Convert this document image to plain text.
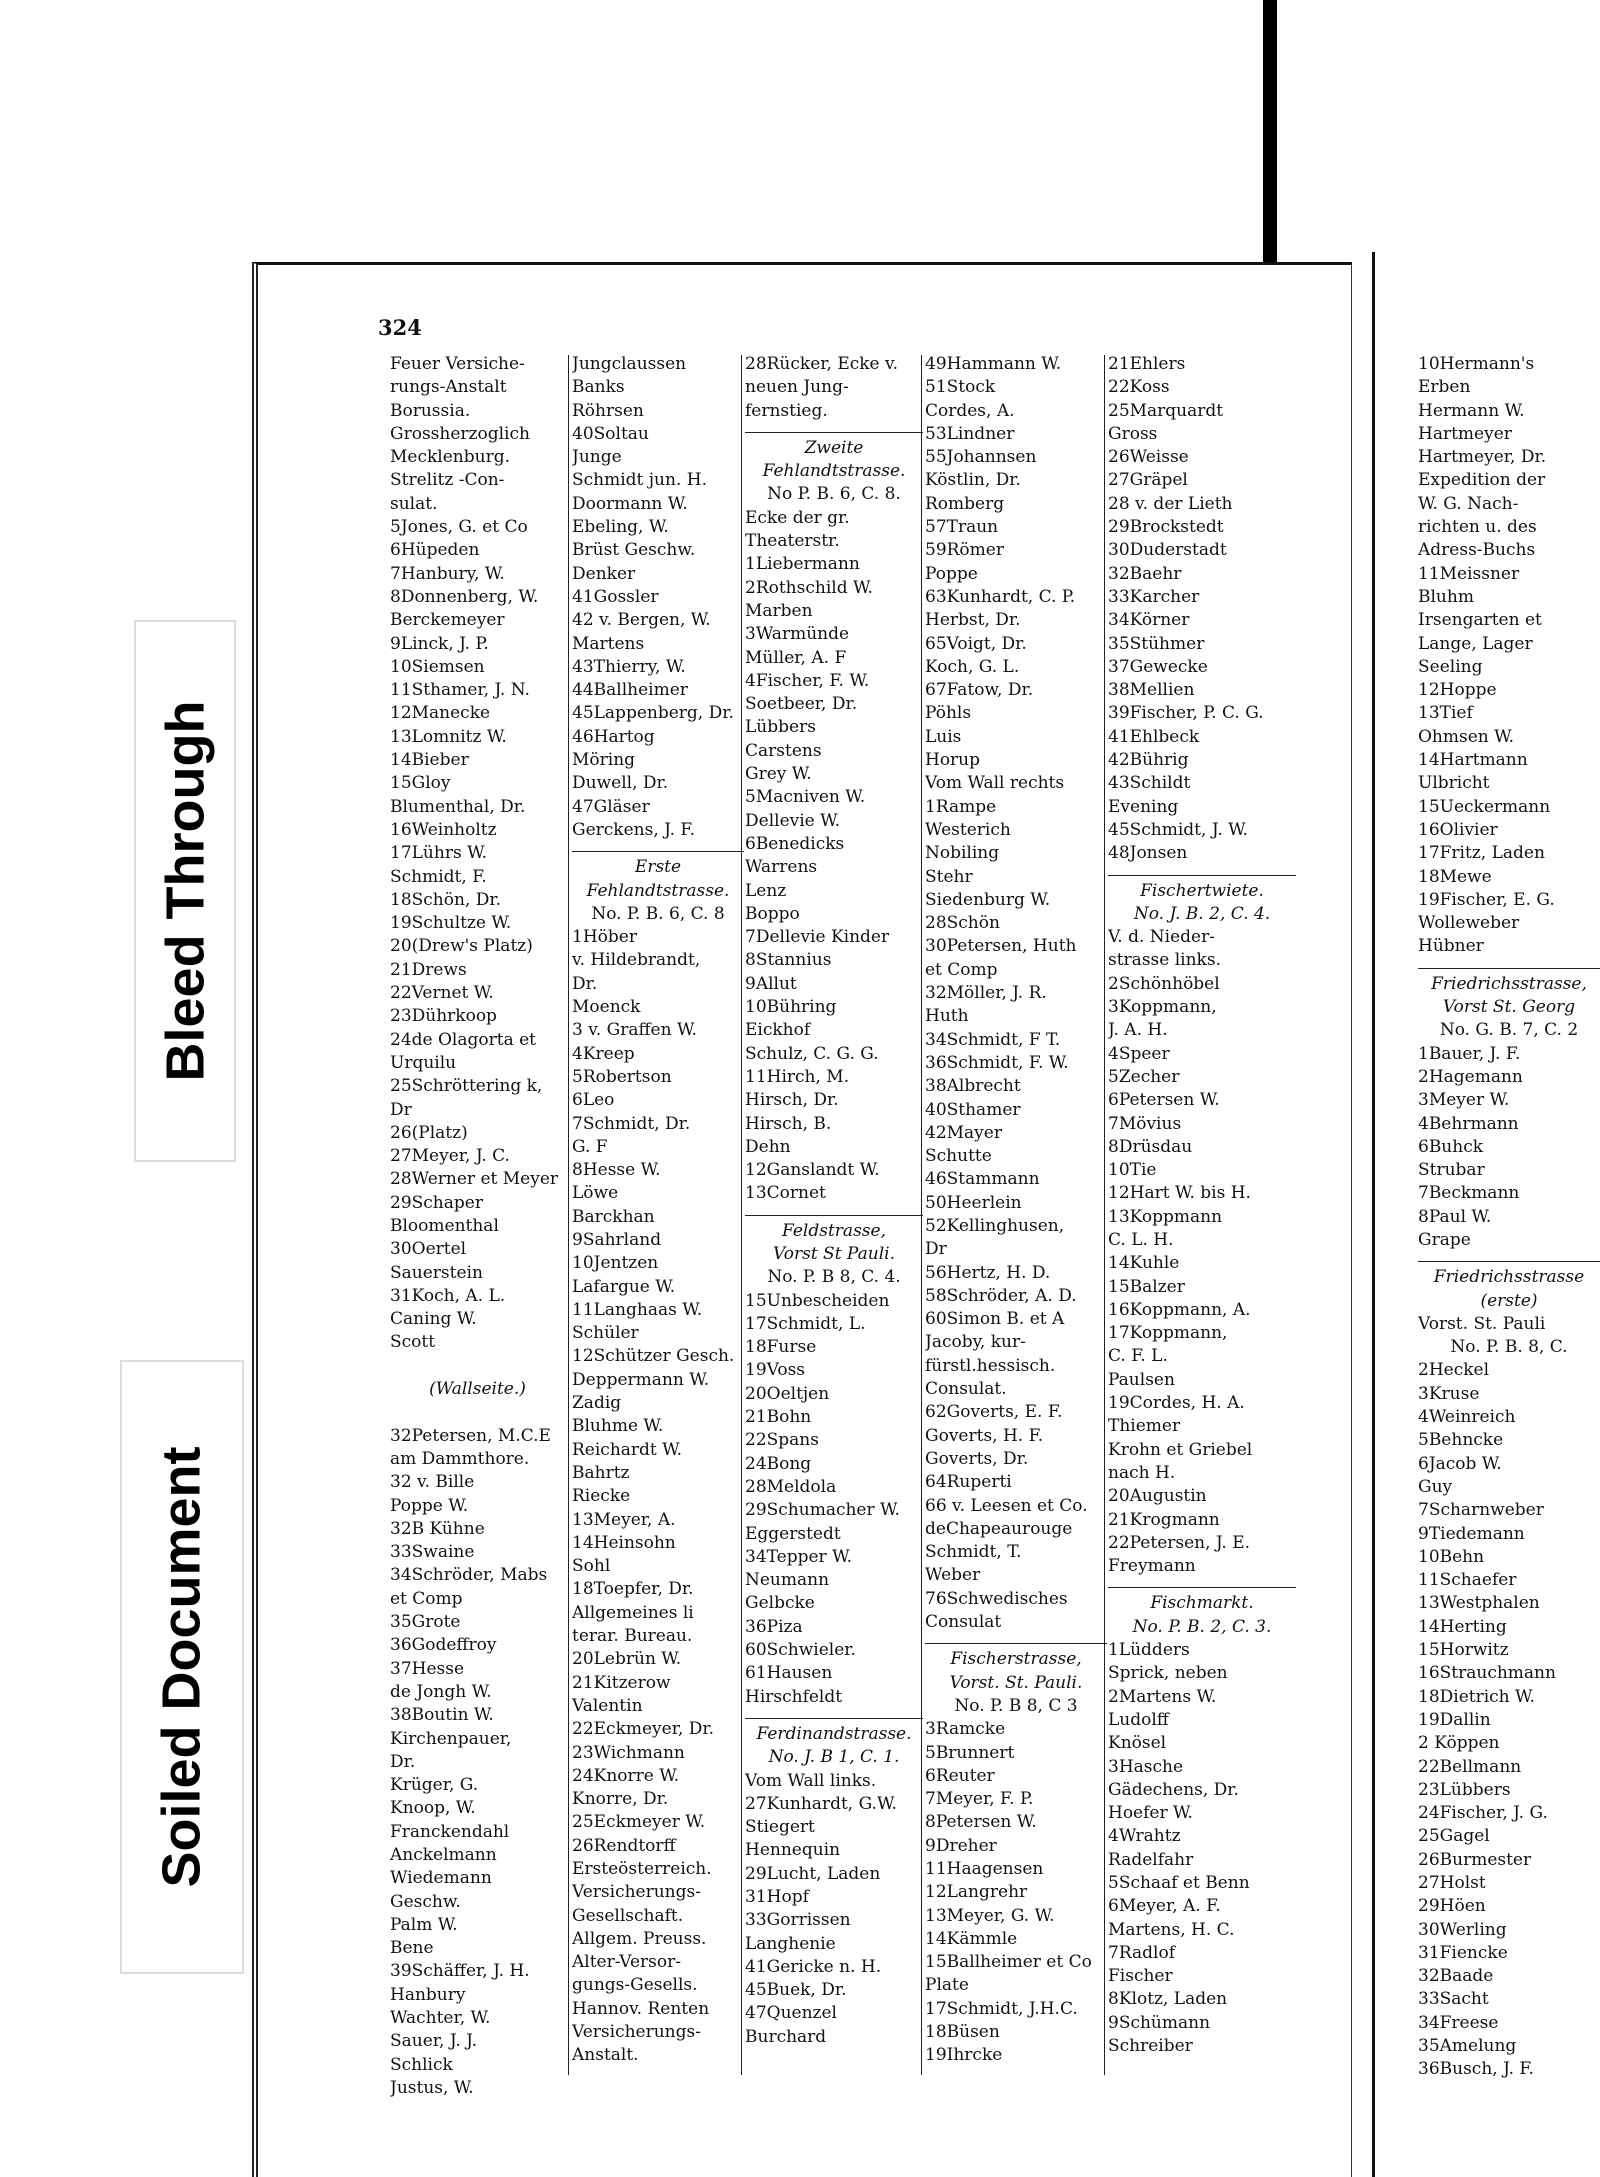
Bleed Through
Soiled Document
324
Feuer Versiche-
rungs-Anstalt
Borussia.
Grossherzoglich
Mecklenburg.
Strelitz -Con-
sulat.
5Jones, G. et Co
6Hüpeden
7Hanbury, W.
8Donnenberg, W.
Berckemeyer
9Linck, J. P.
10Siemsen
11Sthamer, J. N.
12Manecke
13Lomnitz W.
14Bieber
15Gloy
Blumenthal, Dr.
16Weinholtz
17Lührs W.
Schmidt, F.
18Schön, Dr.
19Schultze W.
20(Drew's Platz)
21Drews
22Vernet W.
23Dührkoop
24de Olagorta et
Urquilu
25Schröttering k,
Dr
26(Platz)
27Meyer, J. C.
28Werner et Meyer
29Schaper
Bloomenthal
30Oertel
Sauerstein
31Koch, A. L.
Caning W.
Scott
(Wallseite.)
32Petersen, M.C.E
am Dammthore.
32 v. Bille
Poppe W.
32B Kühne
33Swaine
34Schröder, Mabs
et Comp
35Grote
36Godeffroy
37Hesse
de Jongh W.
38Boutin W.
Kirchenpauer,
Dr.
Krüger, G.
Knoop, W.
Franckendahl
Anckelmann
Wiedemann
Geschw.
Palm W.
Bene
39Schäffer, J. H.
Hanbury
Wachter, W.
Sauer, J. J.
Schlick
Justus, W.
Jungclaussen
Banks
Röhrsen
40Soltau
Junge
Schmidt jun. H.
Doormann W.
Ebeling, W.
Brüst Geschw.
Denker
41Gossler
42 v. Bergen, W.
Martens
43Thierry, W.
44Ballheimer
45Lappenberg, Dr.
46Hartog
Möring
Duwell, Dr.
47Gläser
Gerckens, J. F.
Erste
Fehlandtstrasse.
No. P. B. 6, C. 8
1Höber
v. Hildebrandt,
Dr.
Moenck
3 v. Graffen W.
4Kreep
5Robertson
6Leo
7Schmidt, Dr.
G. F
8Hesse W.
Löwe
Barckhan
9Sahrland
10Jentzen
Lafargue W.
11Langhaas W.
Schüler
12Schützer Gesch.
Deppermann W.
Zadig
Bluhme W.
Reichardt W.
Bahrtz
Riecke
13Meyer, A.
14Heinsohn
Sohl
18Toepfer, Dr.
Allgemeines li
terar. Bureau.
20Lebrün W.
21Kitzerow
Valentin
22Eckmeyer, Dr.
23Wichmann
24Knorre W.
Knorre, Dr.
25Eckmeyer W.
26Rendtorff
Ersteösterreich.
Versicherungs-
Gesellschaft.
Allgem. Preuss.
Alter-Versor-
gungs-Gesells.
Hannov. Renten
Versicherungs-
Anstalt.
28Rücker, Ecke v.
neuen Jung-
fernstieg.
Zweite
Fehlandtstrasse.
No P. B. 6, C. 8.
Ecke der gr.
Theaterstr.
1Liebermann
2Rothschild W.
Marben
3Warmünde
Müller, A. F
4Fischer, F. W.
Soetbeer, Dr.
Lübbers
Carstens
Grey W.
5Macniven W.
Dellevie W.
6Benedicks
Warrens
Lenz
Boppo
7Dellevie Kinder
8Stannius
9Allut
10Bühring
Eickhof
Schulz, C. G. G.
11Hirch, M.
Hirsch, Dr.
Hirsch, B.
Dehn
12Ganslandt W.
13Cornet
Feldstrasse,
Vorst St Pauli.
No. P. B 8, C. 4.
15Unbescheiden
17Schmidt, L.
18Furse
19Voss
20Oeltjen
21Bohn
22Spans
24Bong
28Meldola
29Schumacher W.
Eggerstedt
34Tepper W.
Neumann
Gelbcke
36Piza
60Schwieler.
61Hausen
Hirschfeldt
Ferdinandstrasse.
No. J. B 1, C. 1.
Vom Wall links.
27Kunhardt, G.W.
Stiegert
Hennequin
29Lucht, Laden
31Hopf
33Gorrissen
Langhenie
41Gericke n. H.
45Buek, Dr.
47Quenzel
Burchard
49Hammann W.
51Stock
Cordes, A.
53Lindner
55Johannsen
Köstlin, Dr.
Romberg
57Traun
59Römer
Poppe
63Kunhardt, C. P.
Herbst, Dr.
65Voigt, Dr.
Koch, G. L.
67Fatow, Dr.
Pöhls
Luis
Horup
Vom Wall rechts
1Rampe
Westerich
Nobiling
Stehr
Siedenburg W.
28Schön
30Petersen, Huth
et Comp
32Möller, J. R.
Huth
34Schmidt, F T.
36Schmidt, F. W.
38Albrecht
40Sthamer
42Mayer
Schutte
46Stammann
50Heerlein
52Kellinghusen,
Dr
56Hertz, H. D.
58Schröder, A. D.
60Simon B. et A
Jacoby, kur-
fürstl.hessisch.
Consulat.
62Goverts, E. F.
Goverts, H. F.
Goverts, Dr.
64Ruperti
66 v. Leesen et Co.
deChapeaurouge
Schmidt, T.
Weber
76Schwedisches
Consulat
Fischerstrasse,
Vorst. St. Pauli.
No. P. B 8, C 3
3Ramcke
5Brunnert
6Reuter
7Meyer, F. P.
8Petersen W.
9Dreher
11Haagensen
12Langrehr
13Meyer, G. W.
14Kämmle
15Ballheimer et Co
Plate
17Schmidt, J.H.C.
18Büsen
19Ihrcke
21Ehlers
22Koss
25Marquardt
Gross
26Weisse
27Gräpel
28 v. der Lieth
29Brockstedt
30Duderstadt
32Baehr
33Karcher
34Körner
35Stühmer
37Gewecke
38Mellien
39Fischer, P. C. G.
41Ehlbeck
42Bührig
43Schildt
Evening
45Schmidt, J. W.
48Jonsen
Fischertwiete.
No. J. B. 2, C. 4.
V. d. Nieder-
strasse links.
2Schönhöbel
3Koppmann,
J. A. H.
4Speer
5Zecher
6Petersen W.
7Mövius
8Drüsdau
10Tie
12Hart W. bis H.
13Koppmann
C. L. H.
14Kuhle
15Balzer
16Koppmann, A.
17Koppmann,
C. F. L.
Paulsen
19Cordes, H. A.
Thiemer
Krohn et Griebel
nach H.
20Augustin
21Krogmann
22Petersen, J. E.
Freymann
Fischmarkt.
No. P. B. 2, C. 3.
1Lüdders
Sprick, neben
2Martens W.
Ludolff
Knösel
3Hasche
Gädechens, Dr.
Hoefer W.
4Wrahtz
Radelfahr
5Schaaf et Benn
6Meyer, A. F.
Martens, H. C.
7Radlof
Fischer
8Klotz, Laden
9Schümann
Schreiber
10Hermann's
Erben
Hermann W.
Hartmeyer
Hartmeyer, Dr.
Expedition der
W. G. Nach-
richten u. des
Adress-Buchs
11Meissner
Bluhm
Irsengarten et
Lange, Lager
Seeling
12Hoppe
13Tief
Ohmsen W.
14Hartmann
Ulbricht
15Ueckermann
16Olivier
17Fritz, Laden
18Mewe
19Fischer, E. G.
Wolleweber
Hübner
Friedrichsstrasse,
Vorst St. Georg
No. G. B. 7, C. 2
1Bauer, J. F.
2Hagemann
3Meyer W.
4Behrmann
6Buhck
Strubar
7Beckmann
8Paul W.
Grape
Friedrichsstrasse
(erste)
Vorst. St. Pauli
No. P. B. 8, C.
2Heckel
3Kruse
4Weinreich
5Behncke
6Jacob W.
Guy
7Scharnweber
9Tiedemann
10Behn
11Schaefer
13Westphalen
14Herting
15Horwitz
16Strauchmann
18Dietrich W.
19Dallin
2 Köppen
22Bellmann
23Lübbers
24Fischer, J. G.
25Gagel
26Burmester
27Holst
29Höen
30Werling
31Fiencke
32Baade
33Sacht
34Freese
35Amelung
36Busch, J. F.
